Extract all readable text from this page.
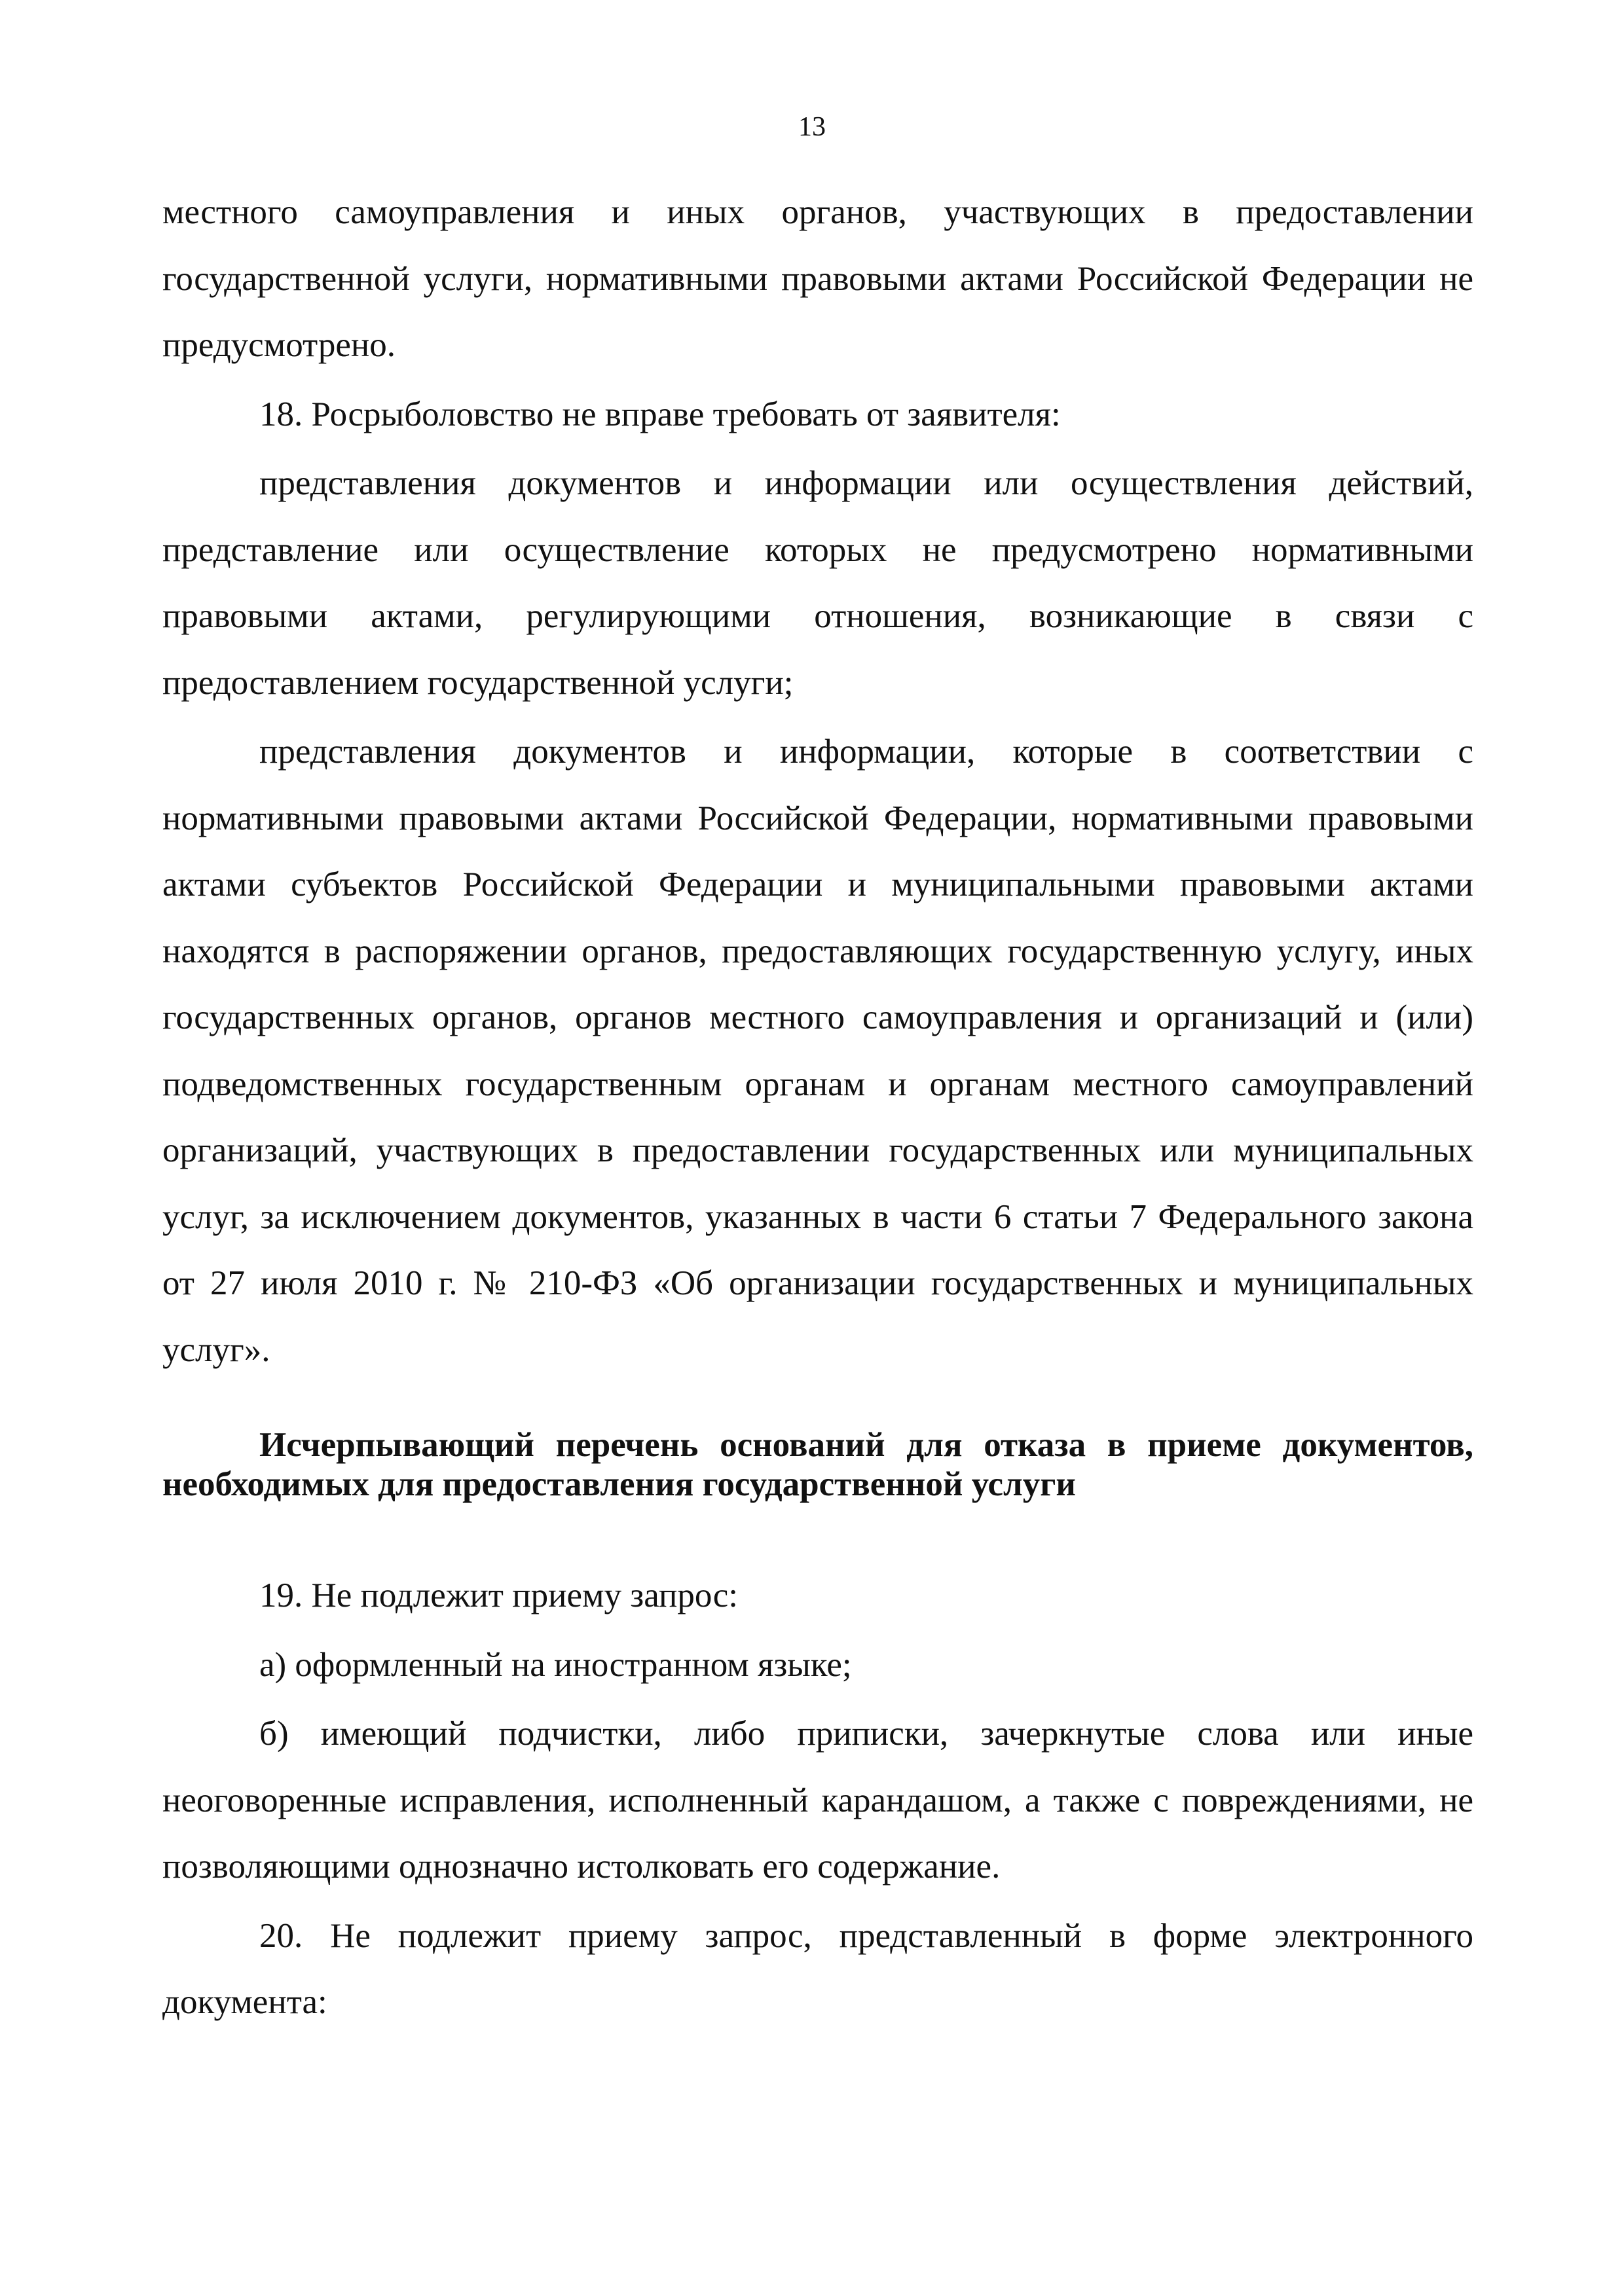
13

местного самоуправления и иных органов, участвующих в предоставлении государственной услуги, нормативными правовыми актами Российской Федерации не предусмотрено.

18. Росрыболовство не вправе требовать от заявителя:

представления документов и информации или осуществления действий, представление или осуществление которых не предусмотрено нормативными правовыми актами, регулирующими отношения, возникающие в связи с предоставлением государственной услуги;

представления документов и информации, которые в соответствии с нормативными правовыми актами Российской Федерации, нормативными правовыми актами субъектов Российской Федерации и муниципальными правовыми актами находятся в распоряжении органов, предоставляющих государственную услугу, иных государственных органов, органов местного самоуправления и организаций и (или) подведомственных государственным органам и органам местного самоуправлений организаций, участвующих в предоставлении государственных или муниципальных услуг, за исключением документов, указанных в части 6 статьи 7 Федерального закона от 27 июля 2010 г. № 210-ФЗ «Об организации государственных и муниципальных услуг».

Исчерпывающий перечень оснований для отказа в приеме документов, необходимых для предоставления государственной услуги

19. Не подлежит приему запрос:

а) оформленный на иностранном языке;

б) имеющий подчистки, либо приписки, зачеркнутые слова или иные неоговоренные исправления, исполненный карандашом, а также с повреждениями, не позволяющими однозначно истолковать его содержание.

20. Не подлежит приему запрос, представленный в форме электронного документа:
